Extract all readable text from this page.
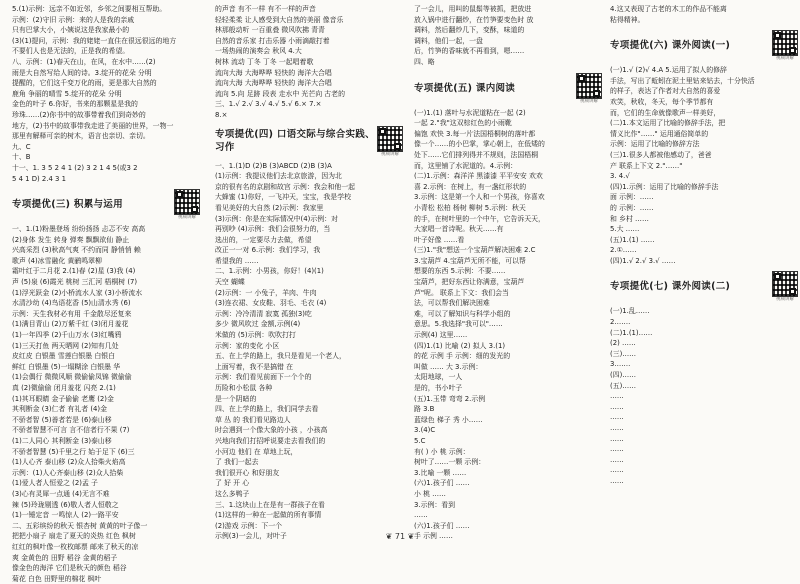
5.(1)示例：远亲不如近邻，乡邻之间要相互帮助。

示例：(2)守旧 示例：来的人是我的亲戚

只有巴掌大小，小姨说这是我家最小的

(3)(1)提问，示例：我的姥姥一直住在很远很远的地方

不要们人也是无法的，正是我的希望。

八、示例：(1)春天在山，在风，在水中……(2)

雨是大自然写给人间的诗。3.绽开的花朵 分明

提醒的，它们这千变万化的雨，更是那大自然的

鹿角 争丽的晴雪 5.绽开的花朵 分明

金色的叶子 6.你好，书来的那颗星是我的

珍珠……(2)你书中的故事带着我们到奇妙的

地方，(2)书中的故事带我走进了美丽的世界，一物一

那里有解释可亲的树木，语言也亲切、亲切。

九、C

十、B

十一、1. 3 5 2 4 1 (2) 3 2 1 4 5(或3 2

5 4 1 D) 2.4 3 1

专项提优(三) 积累与运用
视频讲解

一、1.(1)粉墨登场 纷纷扬扬 忐忑不安 高高

(2)身体 发生 转身 弹奏 飘飘欲仙 静止

兴高采烈 (3)秋高气爽 不约而同 静悄悄 赖

歌声 (4)冰雪融化 黄鹂鸣翠柳

霜叶红于二月花 2.(1)春 (2)星 (3)我 (4)

声 (5)泉 (6)霞光 桃树 三汇河 梧桐树 (7)

(1)浮光跃金 (2)小桥流水人家 (3)小桥流水

水清沙幼 (4)鸟语花香 (5)山清水秀 (6)

示例：天生我材必有用 千金散尽还复来

(1)满目青山 (2)万紫千红 (3)闭月羞花

(1)一年四季 (2)千山万水 (3)红嘴鸦

(1)三天打鱼 两天晒网 (2)知有几处

皮红皮 白银墨 雪莲白银墨 白银白

鲜红 白银墨 (5)一塌糊涂 白银墨 华

(1)会偶行 微微风顺 微偷偷凤锦 微偷偷

真 (2)微偷偷 闭月羞花 闪亮 2.(1)

(1)其耳眼睛 金子偷偷 老鹰 (2)金

其利断金 (3)仁者 有礼者 (4)金

不骄者智 (5)善者若是 (6)泰山移

不骄者智慧不可言 言不信者行不果 (7)

(1)二人同心 其利断金 (3)泰山移

不骄者智慧 (5)千里之行 始于足下 (6)三

(1)人心齐 泰山移 (2)众人拾柴火焰高

示例：(1)人心齐泰山移 (2)众人拾柴

(1)爱人者人恒爱之 (2)孟 子

(3)心有灵犀一点通 (4)无言不难

辣 (5)玲珑剔透 (6)敬人者人恒敬之

(1)一锤定音 一鸣惊人 (2)一路平安

二、五彩缤纷的秋天 银杏树 黄黄的叶子像一

把把小扇子 扇走了夏天的炎热 红色 枫树

红红的枫叶像一枚枚邮票 邮来了秋天的凉

爽 金黄色的 田野 稻谷 金黄的稻子

像金色的海洋 它们是秋天的颜色 稻谷

菊花 白色 田野里的棉花 枫叶

的声音 有不一样 有不一样的声音

轻轻柔柔 让人感受到大自然的美丽 像音乐

林那般动听 一百重叠 微风吹拂 青青

自然的音乐家 打击乐器 小雨滴敲打着

一场热闹的演奏会 秋风 4.大

树林 流动 丁冬 丁冬 一起唱着歌

流向大海 大海哗哗 轻快的 海洋大合唱

流向大海 大海哗哗 轻快的 海洋大合唱

流向 5.向 足跡 段表 走水中 光芒向 古老的

三、1.√ 2.√ 3.√ 4.√ 5.√ 6.× 7.×

8.×

专项提优(四) 口语交际与综合实践、习作
视频讲解

一、1.(1)D (2)B (3)ABCD (2)B (3)A

(1)示例：我提议他们去北京旅游，因为北

京的很有名的京剧和故宫 示例：我会和他一起

大蜂蜜 (1)你好，一飞冲天，宝宝，我是学校

看见美好的大自然 (2)示例：我家里

(3)示例：你是在实际情况中(4)示例：对

再别吵 (4)示例：我们会很努力的，当

选出的，一定要尽力去做，希望

改正一一对 6.示例：我们学习，我

希望我的 ……

二、1.示例：小男孩，你好！(4)(1)

天空 蝴蝶

(2)示例：一 小兔子，羊肉、牛肉

(3)连衣裙、女皮鞋、羽毛、毛衣 (4)

示例：冷冷清清 寂寞 孤独(3)吃

多少 微风吹过 金额,示例(4)

米做的 (5)示例：吹吹打打

示例：家的变化 小区

五、在上学的路上，我只是看见一个老人，

上面写着，我不是搞错 在

示例：我们看见前面下一个个的

历险和小松鼠 各种

是一个阴暗的

四、在上学的路上，我们同学去看

草 丛 的 我们看见路边人

时会遇到一个像大象的小孩 ，小孩高

兴地向我们打招呼说要走去看我们的

小河边 他们 在 草地上玩，

了 我们一起去

我们很开心 和好朋友

了 好 开 心

这么多鸭子

三、1.这块山上在是有一群孩子在看

(1)这样的一种在一起做的所有事情

(2)游戏 示例：下一个

示例(3)一会儿，对叶子

了一会儿，用叫的鼠鬃等被抓，把放进

放入锅中进行翻炒，在竹笋要变色时 放

调料，然后翻炒几下，变酥，味道的

调料，他们一起，一盘

后，竹笋的香味就不再看到，嗯……

四、略

专项提优(五) 课内阅读
视频讲解

(一)1.(1) 落叶与水泥道粘在一起 (2)

一起 2."我"这双棕红色的小雨靴

偏饱 欢快 3.每一片法国梧桐树的落叶都

像一个……的小巴掌，掌心朝上，在低矮的

处下……它们排列得并不规则，法国梧桐

而，这里铺了水泥道的。4.示例：

(二)1.示例：森洋洋 黑漆漆 平平安安 欢欢

喜 2.示例：在树上，有一盏红形状的

3.示例：这是第一个人和一个男孩，你喜欢

小青松 松柏 杨树 柳树 5.示例：秋天

的手，在树叶里的一个中午，它告诉天天，

大家唱一首诗呢。秋天……有

叶子好像 ……看

(三)1."我"想送一个宝葫芦解决困难 2.C

3.宝葫芦 4.宝葫芦无所不能，可以帮

想要的东西 5.示例：不要……

宝葫芦，把好东西让你满意，宝葫芦

芦"呢。 联系上下文：我们会当

法，可以帮我们解决困难

难，可以了解知识与科学小组的

意思。5.我选择"我可以"……

示例(4) 这里……

(四)1.(1) 比喻 (2) 拟人 3.(1)

的花 示例 手 示例：细的发光的

叫做 …… 大 3.示例：

太阳地球，一人

是的，书小叶子

(五)1.玉带 弯弯 2.示例

路 3.B

蓝绿色 梯子 秀 小……

3.(4)C

5.C

有( ) 小 桃 示例：

树叶了……一颗 示例：

3.比喻 一颗 ……

(六)1.孩子们 ……

小 桃 ……

3.示例：看到

……

(六)1.孩子们 ……

手 示例 ……

4.这又表现了古老的木工的作品不能离

粘得精神。

专项提优(六) 课外阅读(一)
视频讲解

(一)1.√ (2)√ 4.A 5.运用了拟人的修辞

手法，写出了蚯蚓在泥土里钻来钻去，十分快活

的样子，表达了作者对大自然的喜爱

欢笑，秋收，冬天，每个季节都有

而，它们的生命就像歌声一样美好，

(二)1.本文运用了比喻的修辞手法，把

情义比作"……" 运用通俗简单的

示例：运用了比喻的修辞方法

(三)1.很多人都被他感动了，爸爸

产 联系上下文 2."……"

3. 4.√

(四)1.示例：运用了比喻的修辞手法

面 示例：……

的 示例：……

和 乡村 ……

5.大 ……

(五)1.(1) ……

2.①……

(四)1.√ 2.√ 3.√ ……

专项提优(七) 课外阅读(二)
视频讲解

(一)1.乱……

2.……

(二)1.(1)……

(2) ……

(三)……

3.……

(四)……

(五)……

……

……

……

……

……

……

……

……

……

❦ 71 ❦
